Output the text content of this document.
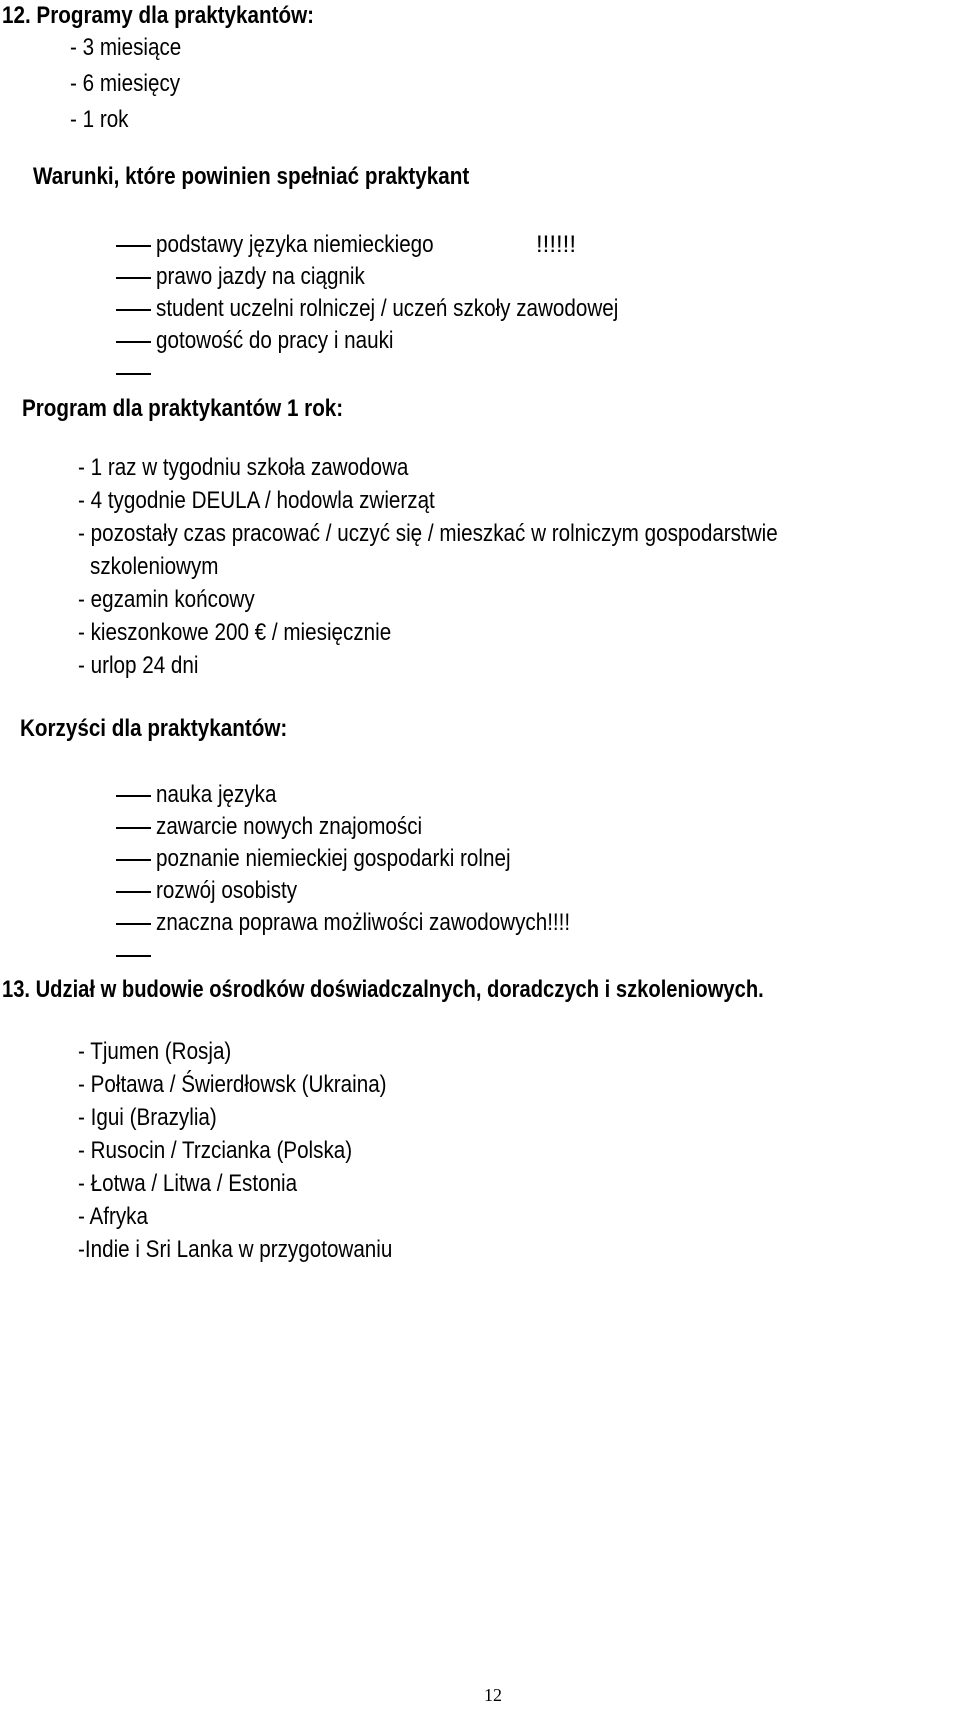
12. Programy dla praktykantów:
- 3 miesiące
- 6 miesięcy
- 1 rok
Warunki, które powinien spełniać praktykant
podstawy języka niemieckiego	!!!!!!
prawo jazdy na ciągnik
student uczelni rolniczej / uczeń szkoły zawodowej
gotowość do pracy i nauki
Program dla praktykantów 1 rok:
- 1 raz w tygodniu szkoła zawodowa
- 4 tygodnie DEULA / hodowla zwierząt
- pozostały czas pracować / uczyć się / mieszkać w rolniczym gospodarstwie
szkoleniowym
- egzamin końcowy
- kieszonkowe 200 € / miesięcznie
- urlop 24 dni
Korzyści dla praktykantów:
nauka języka
zawarcie nowych znajomości
poznanie niemieckiej gospodarki rolnej
rozwój osobisty
znaczna poprawa możliwości zawodowych!!!!
13. Udział w budowie ośrodków doświadczalnych, doradczych i szkoleniowych.
- Tjumen (Rosja)
- Połtawa / Świerdłowsk (Ukraina)
- Igui (Brazylia)
- Rusocin / Trzcianka (Polska)
- Łotwa / Litwa / Estonia
- Afryka
-Indie i Sri Lanka w przygotowaniu
12
